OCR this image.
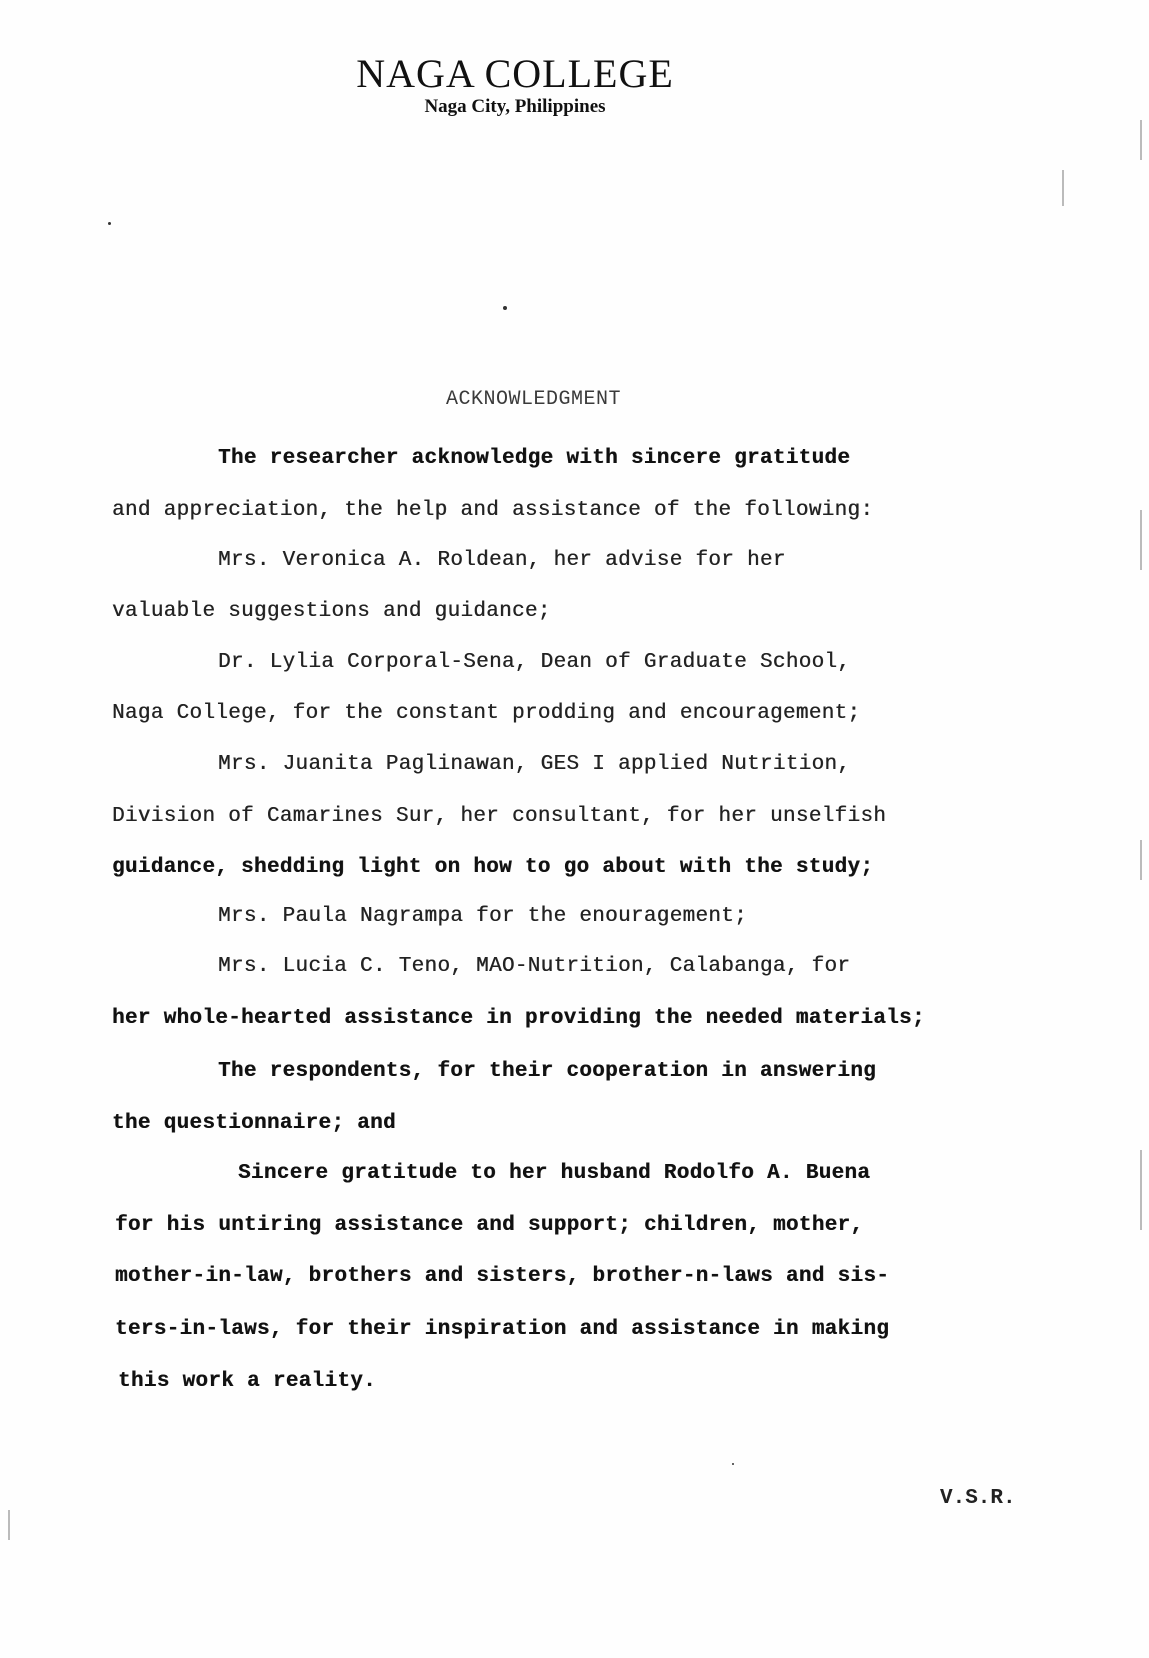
NAGA COLLEGE
Naga City, Philippines
ACKNOWLEDGMENT
The researcher acknowledge with sincere gratitude
and appreciation, the help and assistance of the following:
Mrs. Veronica A. Roldean, her advise for her
valuable suggestions and guidance;
Dr. Lylia Corporal-Sena, Dean of Graduate School,
Naga College, for the constant prodding and encouragement;
Mrs. Juanita Paglinawan, GES I applied Nutrition,
Division of Camarines Sur, her consultant, for her unselfish
guidance, shedding light on how to go about with the study;
Mrs. Paula Nagrampa for the enouragement;
Mrs. Lucia C. Teno, MAO-Nutrition, Calabanga, for
her whole-hearted assistance in providing the needed materials;
The respondents, for their cooperation in answering
the questionnaire; and
Sincere gratitude to her husband Rodolfo A. Buena
for his untiring assistance and support; children, mother,
mother-in-law, brothers and sisters, brother-n-laws and sis-
ters-in-laws, for their inspiration and assistance in making
this work a reality.
V.S.R.
